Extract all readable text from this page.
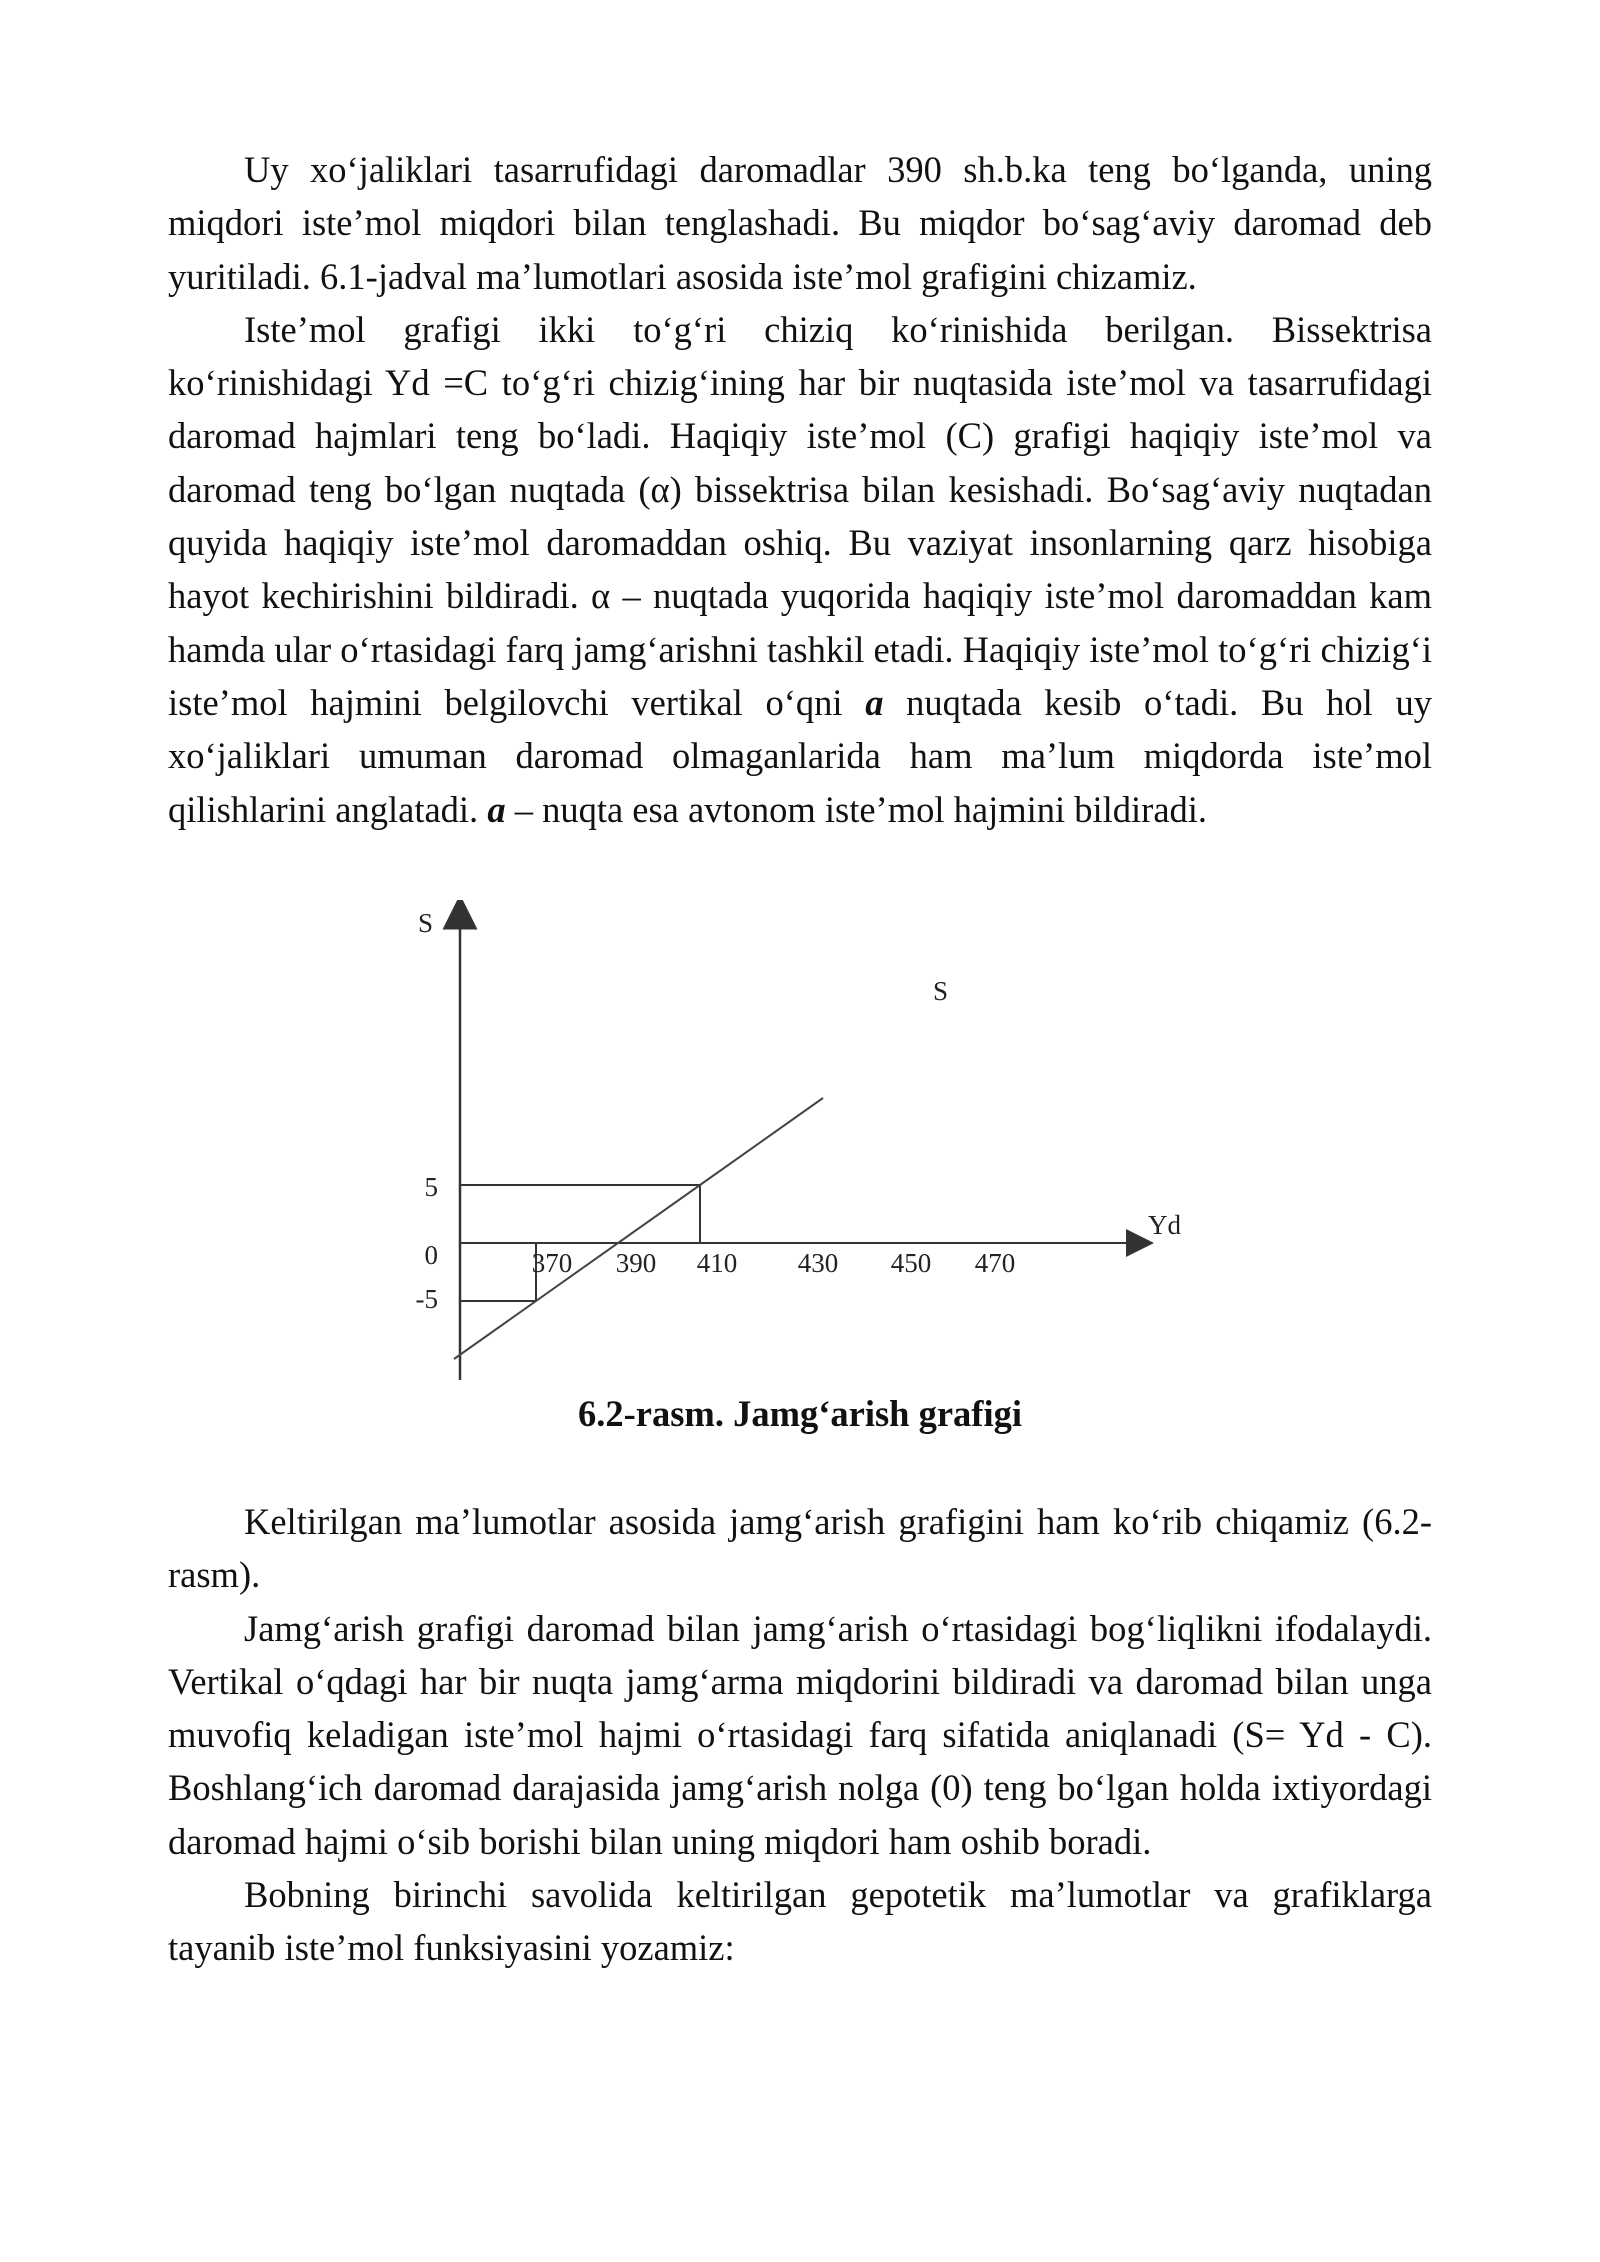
Uy xo‘jaliklari tasarrufidagi daromadlar 390 sh.b.ka teng bo‘lganda, uning miqdori iste’mol miqdori bilan tenglashadi. Bu miqdor bo‘sag‘aviy daromad deb yuritiladi. 6.1-jadval ma’lumotlari asosida iste’mol grafigini chizamiz.

Iste’mol grafigi ikki to‘g‘ri chiziq ko‘rinishida berilgan. Bissektrisa ko‘rinishidagi Yd =C to‘g‘ri chizig‘ining har bir nuqtasida iste’mol va tasarrufidagi daromad hajmlari teng bo‘ladi. Haqiqiy iste’mol (C) grafigi haqiqiy iste’mol va daromad teng bo‘lgan nuqtada (α) bissektrisa bilan kesishadi. Bo‘sag‘aviy nuqtadan quyida haqiqiy iste’mol daromaddan oshiq. Bu vaziyat insonlarning qarz hisobiga hayot kechirishini bildiradi. α – nuqtada yuqorida haqiqiy iste’mol daromaddan kam hamda ular o‘rtasidagi farq jamg‘arishni tashkil etadi. Haqiqiy iste’mol to‘g‘ri chizig‘i iste’mol hajmini belgilovchi vertikal o‘qni a nuqtada kesib o‘tadi. Bu hol uy xo‘jaliklari umuman daromad olmaganlarida ham ma’lum miqdorda iste’mol qilishlarini anglatadi. a – nuqta esa avtonom iste’mol hajmini bildiradi.

370 390 410 430 450 470
5
0
-5
S
Yd
S
6.2-rasm. Jamg‘arish grafigi

Keltirilgan ma’lumotlar asosida jamg‘arish grafigini ham ko‘rib chiqamiz (6.2-rasm).

Jamg‘arish grafigi daromad bilan jamg‘arish o‘rtasidagi bog‘liqlikni ifodalaydi. Vertikal o‘qdagi har bir nuqta jamg‘arma miqdorini bildiradi va daromad bilan unga muvofiq keladigan iste’mol hajmi o‘rtasidagi farq sifatida aniqlanadi (S= Yd - C). Boshlang‘ich daromad darajasida jamg‘arish nolga (0) teng bo‘lgan holda ixtiyordagi daromad hajmi o‘sib borishi bilan uning miqdori ham oshib boradi.

Bobning birinchi savolida keltirilgan gepotetik ma’lumotlar va grafiklarga tayanib iste’mol funksiyasini yozamiz:
